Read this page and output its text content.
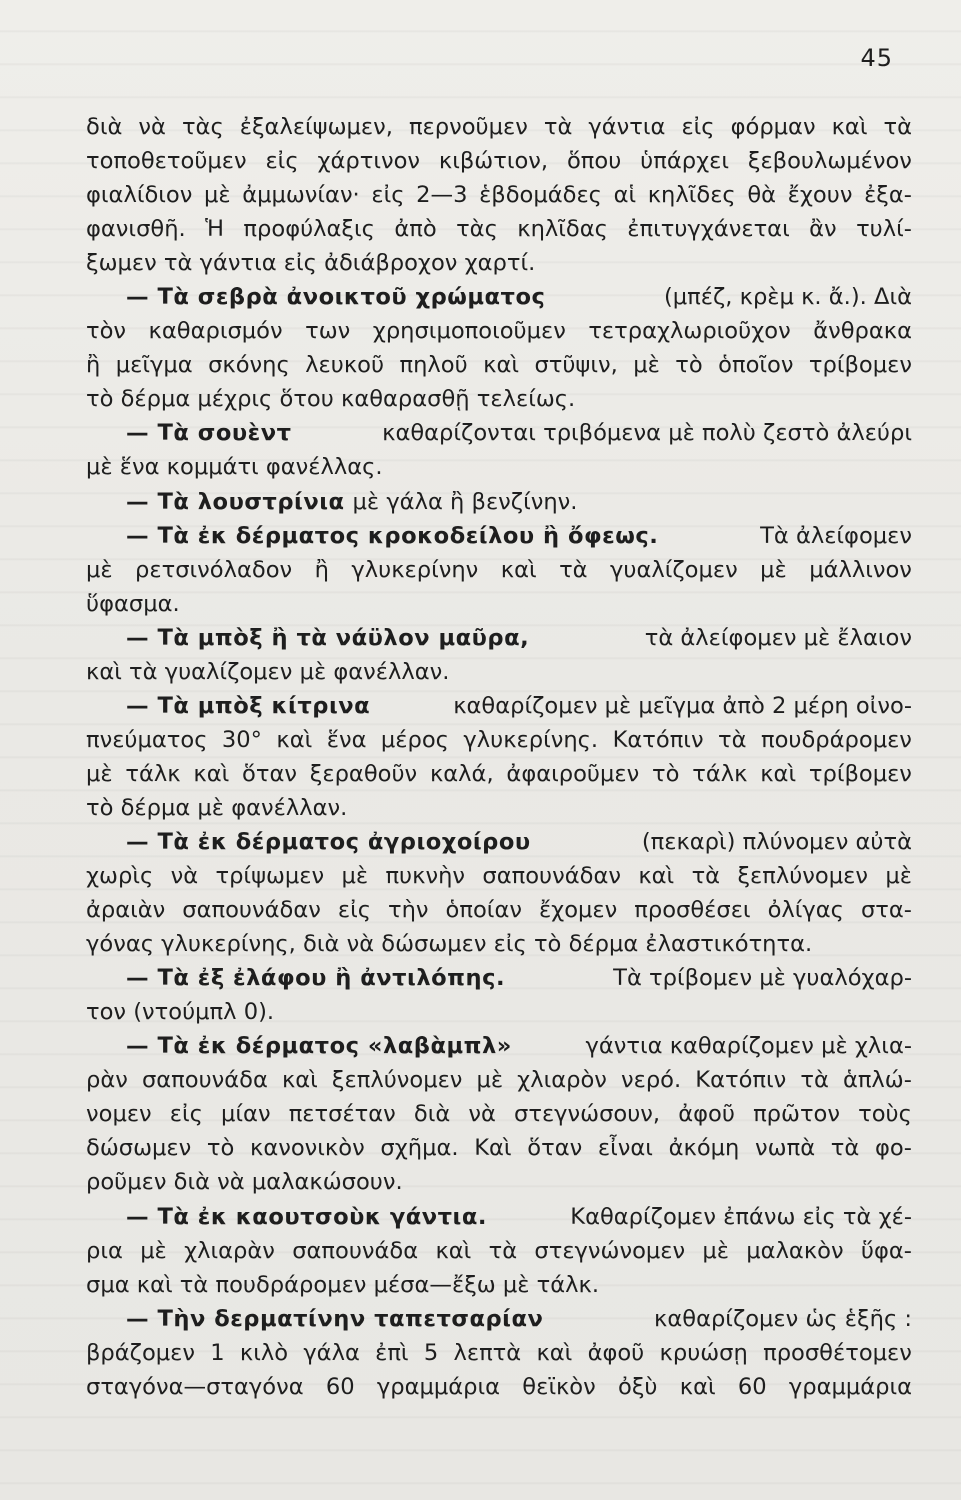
45
διὰ νὰ τὰς ἐξαλείψωμεν, περνοῦμεν τὰ γάντια εἰς φόρμαν καὶ τὰ
τοποθετοῦμεν εἰς χάρτινον κιβώτιον, ὅπου ὑπάρχει ξεβουλωμένον
φιαλίδιον μὲ ἀμμωνίαν· εἰς 2—3 ἑβδομάδες αἱ κηλῖδες θὰ ἔχουν ἐξα-
φανισθῆ. Ἡ προφύλαξις ἀπὸ τὰς κηλῖδας ἐπιτυγχάνεται ἂν τυλί-
ξωμεν τὰ γάντια εἰς ἀδιάβροχον χαρτί.
— Τὰ σεβρὰ ἀνοικτοῦ χρώματος	(μπέζ, κρὲμ κ. ἄ.). Διὰ
τὸν καθαρισμόν των χρησιμοποιοῦμεν τετραχλωριοῦχον ἄνθρακα
ἢ μεῖγμα σκόνης λευκοῦ πηλοῦ καὶ στῦψιν, μὲ τὸ ὁποῖον τρίβομεν
τὸ δέρμα μέχρις ὅτου καθαρασθῇ τελείως.
— Τὰ σουὲντ	καθαρίζονται τριβόμενα μὲ πολὺ ζεστὸ ἀλεύρι
μὲ ἕνα κομμάτι φανέλλας.
— Τὰ λουστρίνια μὲ γάλα ἢ βενζίνην.
— Τὰ ἐκ δέρματος κροκοδείλου ἢ ὄφεως.	Τὰ ἀλείφομεν
μὲ ρετσινόλαδον ἢ γλυκερίνην καὶ τὰ γυαλίζομεν μὲ μάλλινον
ὕφασμα.
— Τὰ μπὸξ ἢ τὰ νάϋλον μαῦρα,	τὰ ἀλείφομεν μὲ ἔλαιον
καὶ τὰ γυαλίζομεν μὲ φανέλλαν.
— Τὰ μπὸξ κίτρινα	καθαρίζομεν μὲ μεῖγμα ἀπὸ 2 μέρη οἰνο-
πνεύματος 30° καὶ ἕνα μέρος γλυκερίνης. Κατόπιν τὰ πουδράρομεν
μὲ τάλκ καὶ ὅταν ξεραθοῦν καλά, ἀφαιροῦμεν τὸ τάλκ καὶ τρίβομεν
τὸ δέρμα μὲ φανέλλαν.
— Τὰ ἐκ δέρματος ἀγριοχοίρου	(πεκαρὶ) πλύνομεν αὐτὰ
χωρὶς νὰ τρίψωμεν μὲ πυκνὴν σαπουνάδαν καὶ τὰ ξεπλύνομεν μὲ
ἀραιὰν σαπουνάδαν εἰς τὴν ὁποίαν ἔχομεν προσθέσει ὀλίγας στα-
γόνας γλυκερίνης, διὰ νὰ δώσωμεν εἰς τὸ δέρμα ἐλαστικότητα.
— Τὰ ἐξ ἐλάφου ἢ ἀντιλόπης.	Τὰ τρίβομεν μὲ γυαλόχαρ-
τον (ντούμπλ 0).
— Τὰ ἐκ δέρματος «λαβὰμπλ»	γάντια καθαρίζομεν μὲ χλια-
ρὰν σαπουνάδα καὶ ξεπλύνομεν μὲ χλιαρὸν νερό. Κατόπιν τὰ ἁπλώ-
νομεν εἰς μίαν πετσέταν διὰ νὰ στεγνώσουν, ἀφοῦ πρῶτον τοὺς
δώσωμεν τὸ κανονικὸν σχῆμα. Καὶ ὅταν εἶναι ἀκόμη νωπὰ τὰ φο-
ροῦμεν διὰ νὰ μαλακώσουν.
— Τὰ ἐκ καουτσοὺκ γάντια.	Καθαρίζομεν ἐπάνω εἰς τὰ χέ-
ρια μὲ χλιαρὰν σαπουνάδα καὶ τὰ στεγνώνομεν μὲ μαλακὸν ὕφα-
σμα καὶ τὰ πουδράρομεν μέσα—ἔξω μὲ τάλκ.
— Τὴν δερματίνην ταπετσαρίαν	καθαρίζομεν ὡς ἑξῆς :
βράζομεν 1 κιλὸ γάλα ἐπὶ 5 λεπτὰ καὶ ἀφοῦ κρυώσῃ προσθέτομεν
σταγόνα—σταγόνα 60 γραμμάρια θεϊκὸν ὀξὺ καὶ 60 γραμμάρια
